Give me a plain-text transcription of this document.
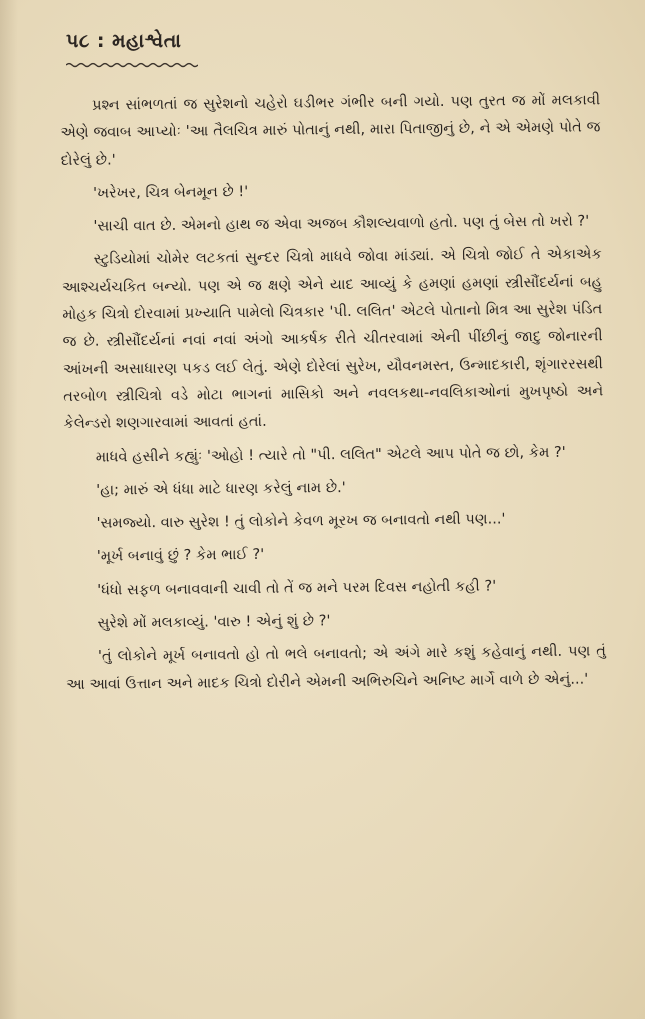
પ૮ : મહાશ્વેતા

પ્રશ્ન સાંભળતાં જ સુરેશનો ચહેરો ઘડીભર ગંભીર બની ગયો. પણ તુરત જ મોં મલકાવી એણે જવાબ આપ્યોઃ 'આ તૈલચિત્ર મારું પોતાનું નથી, મારા પિતાજીનું છે, ને એ એમણે પોતે જ દોરેલું છે.'

'ખરેખર, ચિત્ર બેનમૂન છે !'

'સાચી વાત છે. એમનો હાથ જ એવા અજબ કૌશલ્યવાળો હતો. પણ તું બેસ તો ખરો ?'

સ્ટુડિયોમાં ચોમેર લટકતાં સુન્દર ચિત્રો માધવે જોવા માંડ્યાં. એ ચિત્રો જોઈ તે એકાએક આશ્ચર્યચકિત બન્યો. પણ એ જ ક્ષણે એને યાદ આવ્યું કે હમણાં હમણાં સ્ત્રીસૌંદર્યનાં બહુ મોહક ચિત્રો દોરવામાં પ્રખ્યાતિ પામેલો ચિત્રકાર 'પી. લલિત' એટલે પોતાનો મિત્ર આ સુરેશ પંડિત જ છે. સ્ત્રીસૌંદર્યનાં નવાં નવાં અંગો આકર્ષક રીતે ચીતરવામાં એની પીંછીનું જાદુ જોનારની આંખની અસાધારણ પકડ લઈ લેતું. એણે દોરેલાં સુરેખ, યૌવનમસ્ત, ઉન્માદકારી, શૃંગારરસથી તરબોળ સ્ત્રીચિત્રો વડે મોટા ભાગનાં માસિકો અને નવલકથા-નવલિકાઓનાં મુખપૃષ્ઠો અને કેલેન્ડરો શણગારવામાં આવતાં હતાં.

માધવે હસીને કહ્યુંઃ 'ઓહો ! ત્યારે તો "પી. લલિત" એટલે આપ પોતે જ છો, કેમ ?'

'હા; મારું એ ધંધા માટે ધારણ કરેલું નામ છે.'

'સમજ્યો. વારુ સુરેશ ! તું લોકોને કેવળ મૂરખ જ બનાવતો નથી પણ...'

'મૂર્ખ બનાવું છું ? કેમ ભાઈ ?'

'ધંધો સફળ બનાવવાની ચાવી તો તેં જ મને પરમ દિવસ નહોતી કહી ?'

સુરેશે મોં મલકાવ્યું. 'વારુ ! એનું શું છે ?'

'તું લોકોને મૂર્ખ બનાવતો હો તો ભલે બનાવતો; એ અંગે મારે કશું કહેવાનું નથી. પણ તું આ આવાં ઉત્તાન અને માદક ચિત્રો દોરીને એમની અભિરુચિને અનિષ્ટ માર્ગે વાળે છે એનું...'
